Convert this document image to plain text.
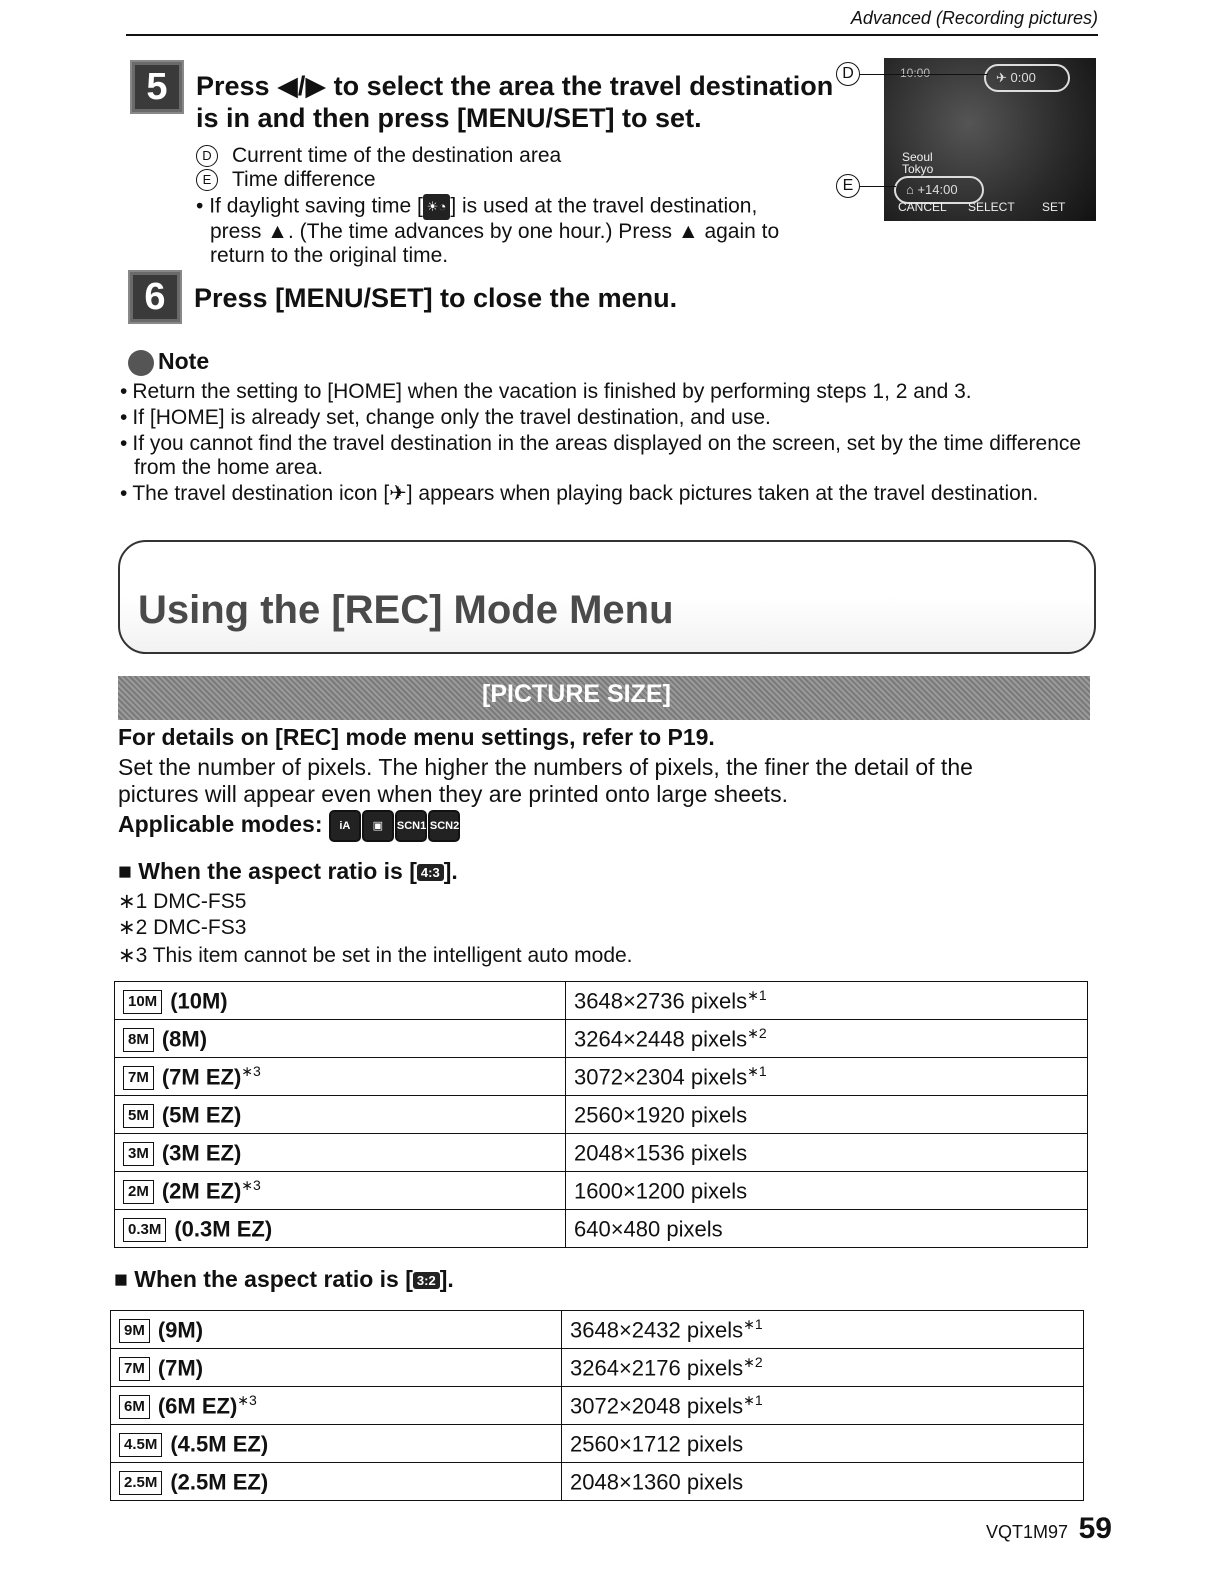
Advanced (Recording pictures)
5	Press ◀/▶ to select the area the travel destination
is in and then press [MENU/SET] to set.
D Current time of the destination area
E Time difference
• If daylight saving time [ ☀◔ ] is used at the travel destination,
press ▲. (The time advances by one hour.) Press ▲ again to
return to the original time.
10:00	✈ 0:00
Seoul
Tokyo
⌂ +14:00
CANCEL SELECT SET
D
E
6	Press [MENU/SET] to close the menu.
Note
• Return the setting to [HOME] when the vacation is finished by performing steps 1, 2 and 3.
• If [HOME] is already set, change only the travel destination, and use.
• If you cannot find the travel destination in the areas displayed on the screen, set by the time difference from the home area.
• The travel destination icon [✈] appears when playing back pictures taken at the travel destination.
Using the [REC] Mode Menu
[PICTURE SIZE]
For details on [REC] mode menu settings, refer to P19.
Set the number of pixels. The higher the numbers of pixels, the finer the detail of the
pictures will appear even when they are printed onto large sheets.
Applicable modes: iA ▣ SCN1 SCN2
■ When the aspect ratio is [ 4:3 ].
∗1 DMC-FS5
∗2 DMC-FS3
∗3 This item cannot be set in the intelligent auto mode.
10M (10M)	3648×2736 pixels$^{∗1}$
8M (8M)	3264×2448 pixels$^{∗2}$
7M (7M EZ)$^{∗3}$	3072×2304 pixels$^{∗1}$
5M (5M EZ)	2560×1920 pixels
3M (3M EZ)	2048×1536 pixels
2M (2M EZ)$^{∗3}$	1600×1200 pixels
0.3M (0.3M EZ)	640×480 pixels
■ When the aspect ratio is [ 3:2 ].
9M (9M)	3648×2432 pixels$^{∗1}$
7M (7M)	3264×2176 pixels$^{∗2}$
6M (6M EZ)$^{∗3}$	3072×2048 pixels$^{∗1}$
4.5M (4.5M EZ)	2560×1712 pixels
2.5M (2.5M EZ)	2048×1360 pixels
VQT1M97 59
